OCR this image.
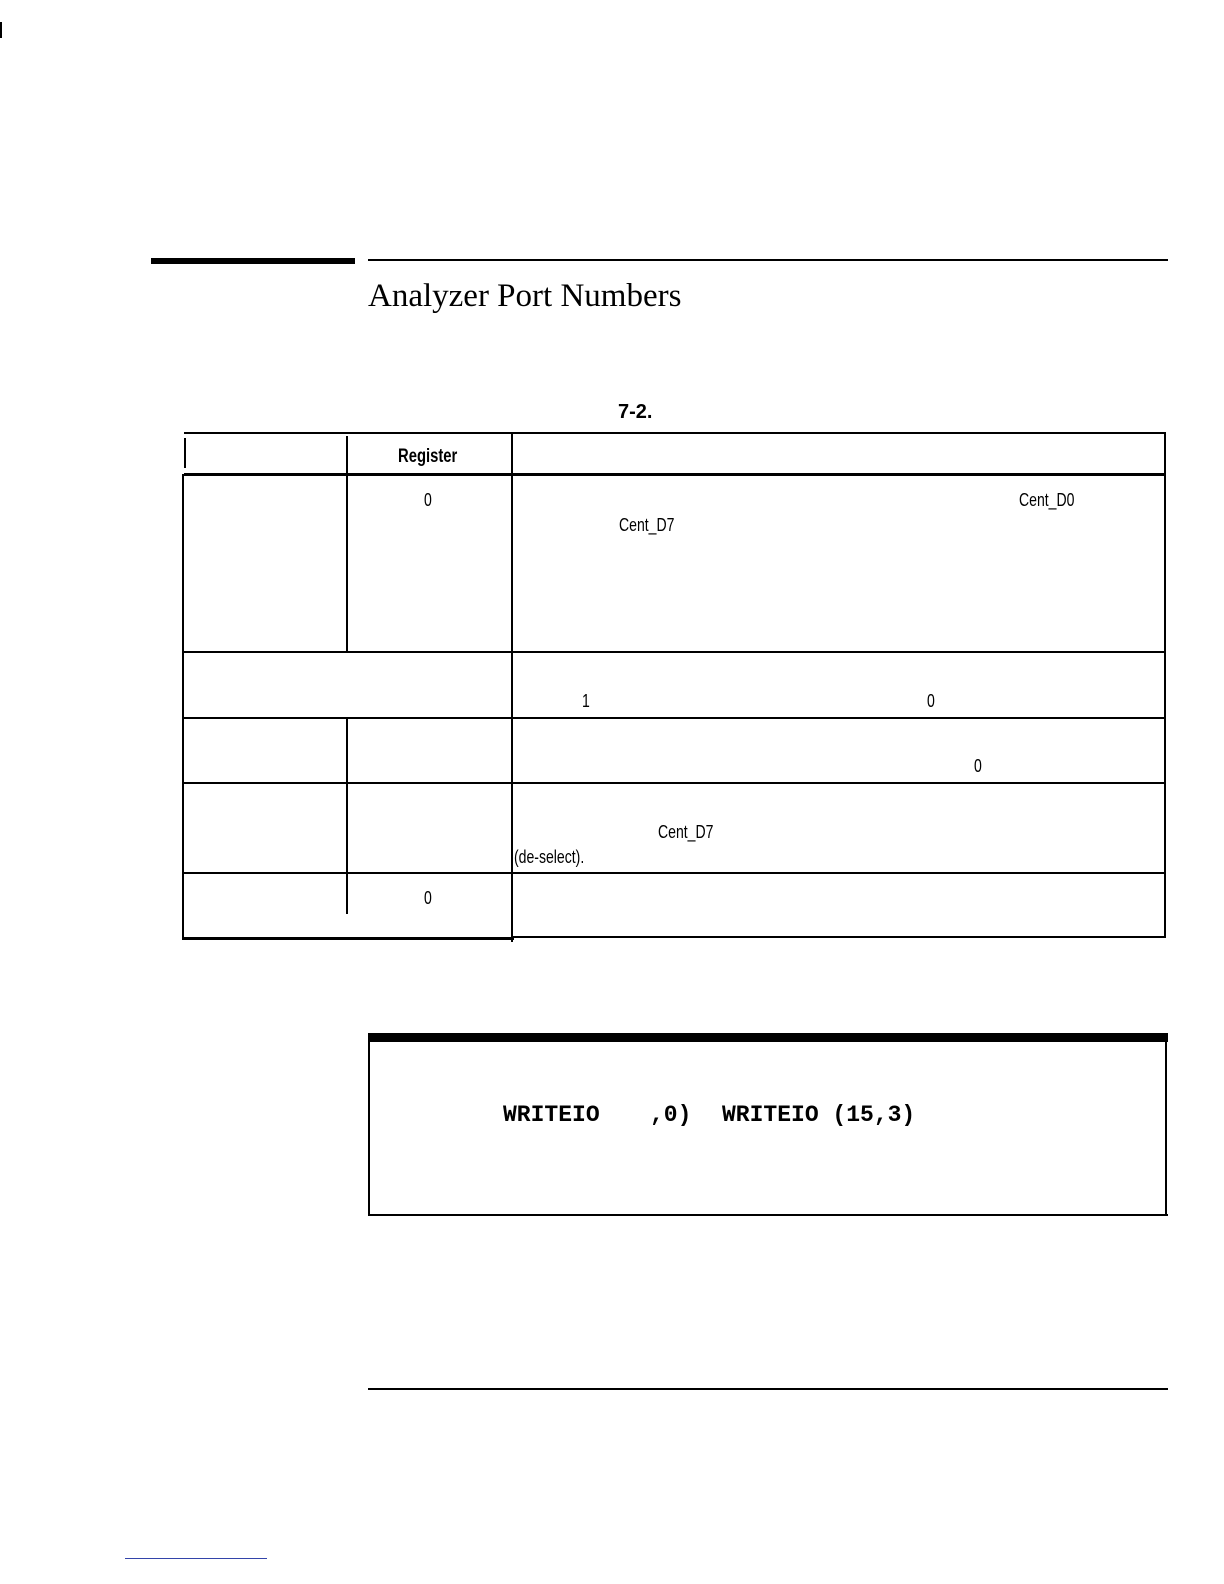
Analyzer Port Numbers
7-2.
Register
0	Cent_D0
Cent_D7
1	0
0
Cent_D7
(de-select).
0
WRITEIO ,0) WRITEIO (15,3)
